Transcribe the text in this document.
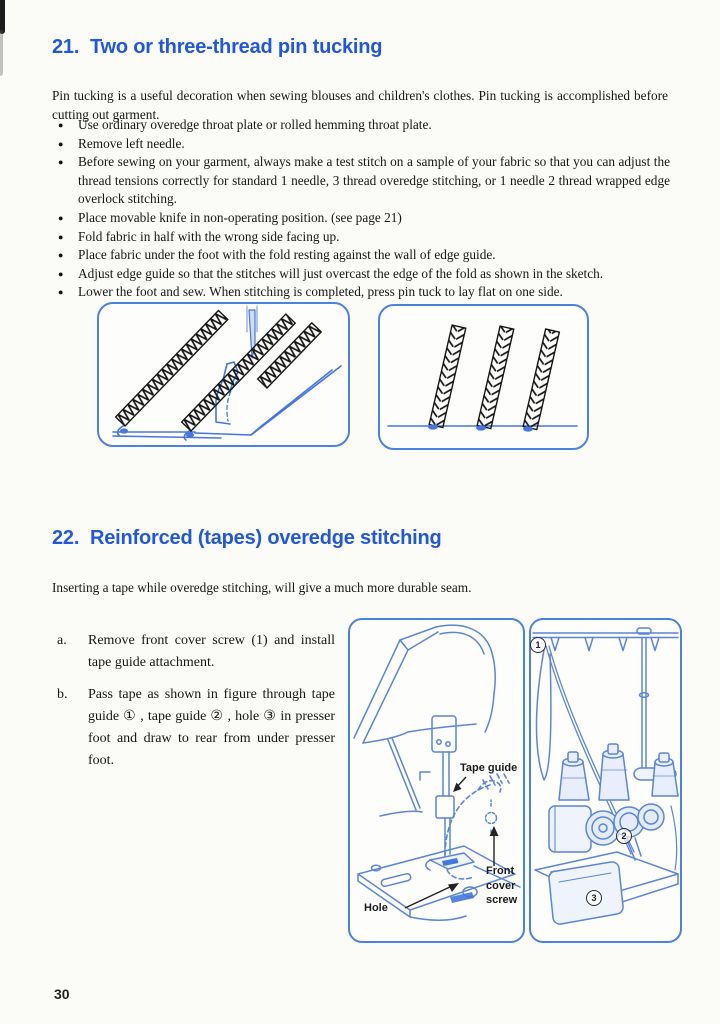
21. Two or three-thread pin tucking

Pin tucking is a useful decoration when sewing blouses and children's clothes. Pin tucking is accomplished before cutting out garment.

● Use ordinary overedge throat plate or rolled hemming throat plate.
● Remove left needle.
● Before sewing on your garment, always make a test stitch on a sample of your fabric so that you can adjust the thread tensions correctly for standard 1 needle, 3 thread overedge stitching, or 1 needle 2 thread wrapped edge overlock stitching.
● Place movable knife in non-operating position. (see page 21)
● Fold fabric in half with the wrong side facing up.
● Place fabric under the foot with the fold resting against the wall of edge guide.
● Adjust edge guide so that the stitches will just overcast the edge of the fold as shown in the sketch.
● Lower the foot and sew. When stitching is completed, press pin tuck to lay flat on one side.
22. Reinforced (tapes) overedge stitching

Inserting a tape while overedge stitching, will give a much more durable seam.

a. Remove front cover screw (1) and install tape guide attachment.
b. Pass tape as shown in figure through tape guide ① , tape guide ② , hole ③ in presser foot and draw to rear from under presser foot.	Tape guide
Front cover screw
Hole
1
2
3
30
